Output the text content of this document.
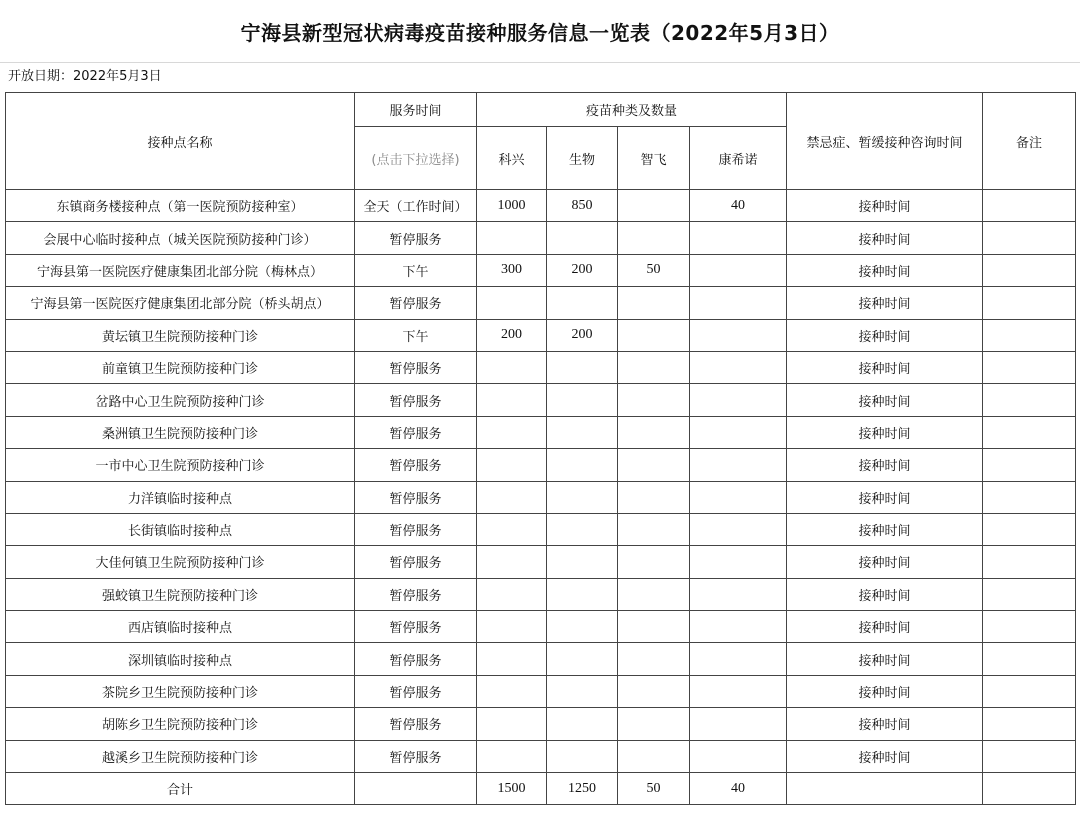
宁海县新型冠状病毒疫苗接种服务信息一览表（2022年5月3日）
开放日期：2022年5月3日
接种点名称	服务时间	疫苗种类及数量				禁忌症、暂缓接种咨询时间	备注
	(点击下拉选择)	科兴	生物	智飞	康希诺		
东镇商务楼接种点（第一医院预防接种室）	全天（工作时间）	1000	850		40	接种时间	
会展中心临时接种点（城关医院预防接种门诊）	暂停服务					接种时间	
宁海县第一医院医疗健康集团北部分院（梅林点）	下午	300	200	50		接种时间	
宁海县第一医院医疗健康集团北部分院（桥头胡点）	暂停服务					接种时间	
黄坛镇卫生院预防接种门诊	下午	200	200			接种时间	
前童镇卫生院预防接种门诊	暂停服务					接种时间	
岔路中心卫生院预防接种门诊	暂停服务					接种时间	
桑洲镇卫生院预防接种门诊	暂停服务					接种时间	
一市中心卫生院预防接种门诊	暂停服务					接种时间	
力洋镇临时接种点	暂停服务					接种时间	
长街镇临时接种点	暂停服务					接种时间	
大佳何镇卫生院预防接种门诊	暂停服务					接种时间	
强蛟镇卫生院预防接种门诊	暂停服务					接种时间	
西店镇临时接种点	暂停服务					接种时间	
深圳镇临时接种点	暂停服务					接种时间	
茶院乡卫生院预防接种门诊	暂停服务					接种时间	
胡陈乡卫生院预防接种门诊	暂停服务					接种时间	
越溪乡卫生院预防接种门诊	暂停服务					接种时间	
合计		1500	1250	50	40		
